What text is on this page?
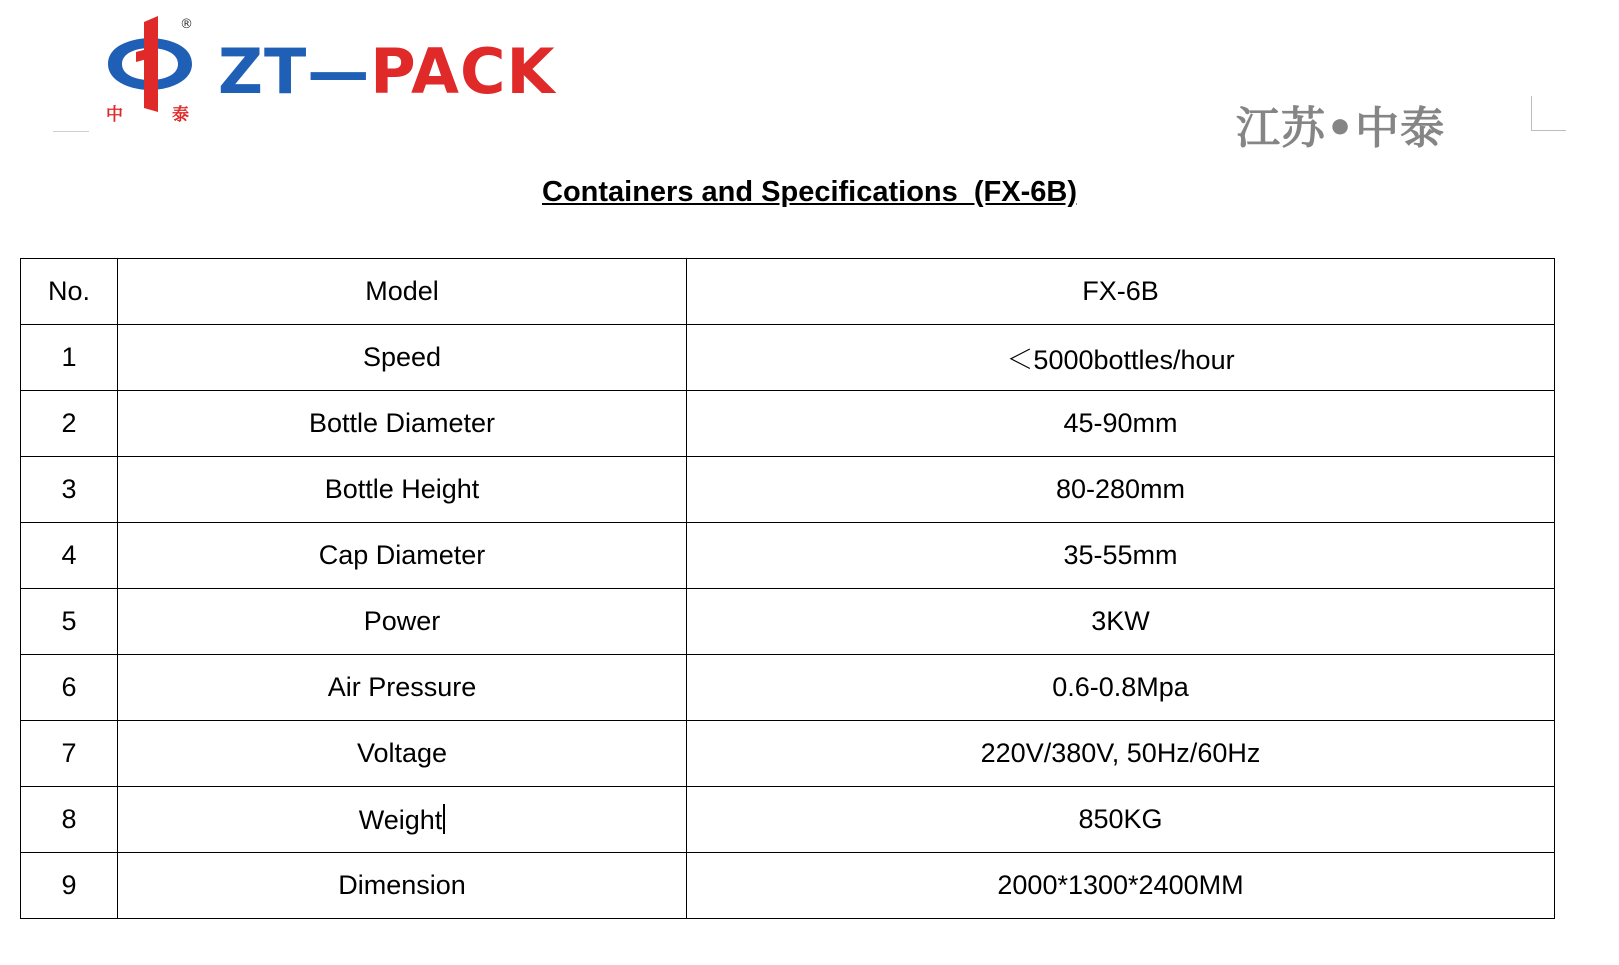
中	泰
®
ZT—PACK
江苏•中泰
Containers and Specifications  (FX-6B)
No.	Model	FX-6B
1	Speed	＜5000bottles/hour
2	Bottle Diameter	45-90mm
3	Bottle Height	80-280mm
4	Cap Diameter	35-55mm
5	Power	3KW
6	Air Pressure	0.6-0.8Mpa
7	Voltage	220V/380V, 50Hz/60Hz
8	Weight	850KG
9	Dimension	2000*1300*2400MM
